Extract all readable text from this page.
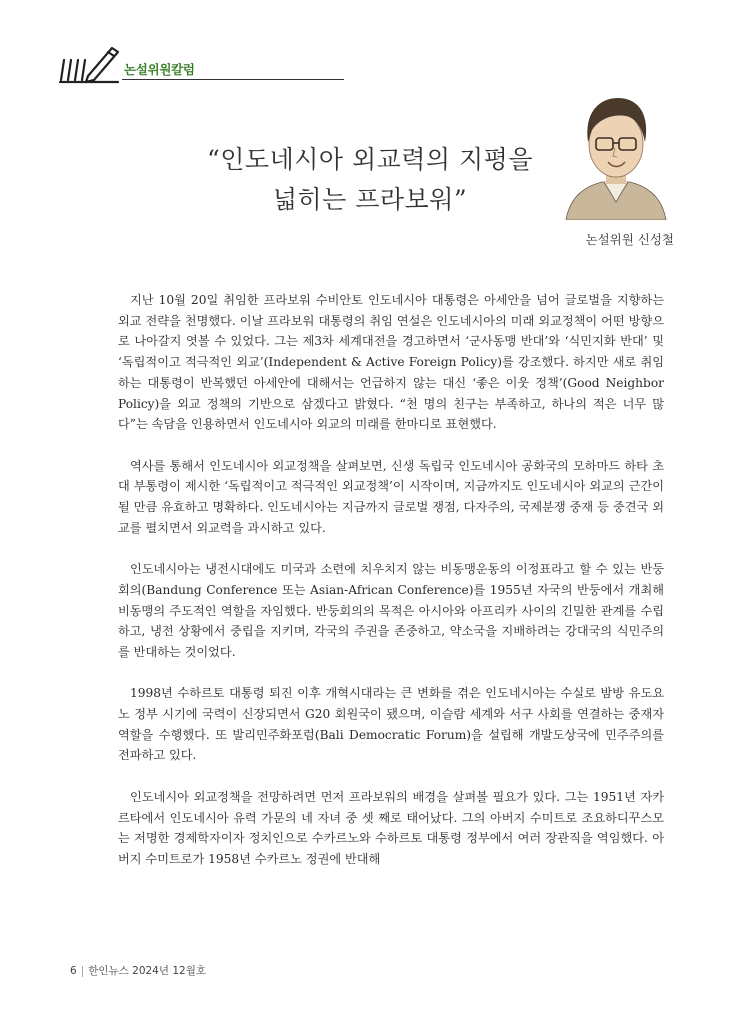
논설위원칼럼
“인도네시아 외교력의 지평을
넓히는 프라보워”
논설위원 신성철

지난 10월 20일 취임한 프라보워 수비안토 인도네시아 대통령은 아세안을 넘어 글로벌을 지향하는 외교 전략을 천명했다. 이날 프라보워 대통령의 취임 연설은 인도네시아의 미래 외교정책이 어떤 방향으로 나아갈지 엿볼 수 있었다. 그는 제3차 세계대전을 경고하면서 ‘군사동맹 반대’와 ‘식민지화 반대’ 및 ‘독립적이고 적극적인 외교’(Independent & Active Foreign Policy)를 강조했다. 하지만 새로 취임하는 대통령이 반복했던 아세안에 대해서는 언급하지 않는 대신 ‘좋은 이웃 정책’(Good Neighbor Policy)을 외교 정책의 기반으로 삼겠다고 밝혔다. “천 명의 친구는 부족하고, 하나의 적은 너무 많다”는 속담을 인용하면서 인도네시아 외교의 미래를 한마디로 표현했다.

역사를 통해서 인도네시아 외교정책을 살펴보면, 신생 독립국 인도네시아 공화국의 모하마드 하타 초대 부통령이 제시한 ‘독립적이고 적극적인 외교정책’이 시작이며, 지금까지도 인도네시아 외교의 근간이 될 만큼 유효하고 명확하다. 인도네시아는 지금까지 글로벌 쟁점, 다자주의, 국제분쟁 중재 등 중견국 외교를 펼치면서 외교력을 과시하고 있다.

인도네시아는 냉전시대에도 미국과 소련에 치우치지 않는 비동맹운동의 이정표라고 할 수 있는 반둥회의(Bandung Conference 또는 Asian-African Conference)를 1955년 자국의 반둥에서 개최해 비동맹의 주도적인 역할을 자임했다. 반둥회의의 목적은 아시아와 아프리카 사이의 긴밀한 관계를 수립하고, 냉전 상황에서 중립을 지키며, 각국의 주권을 존중하고, 약소국을 지배하려는 강대국의 식민주의를 반대하는 것이었다.

1998년 수하르토 대통령 퇴진 이후 개혁시대라는 큰 변화를 겪은 인도네시아는 수실로 밤방 유도요노 정부 시기에 국력이 신장되면서 G20 회원국이 됐으며, 이슬람 세계와 서구 사회를 연결하는 중재자 역할을 수행했다. 또 발리민주화포럼(Bali Democratic Forum)을 설립해 개발도상국에 민주주의를 전파하고 있다.

인도네시아 외교정책을 전망하려면 먼저 프라보워의 배경을 살펴볼 필요가 있다. 그는 1951년 자카르타에서 인도네시아 유력 가문의 네 자녀 중 셋 째로 태어났다. 그의 아버지 수미트로 조요하디꾸스모는 저명한 경제학자이자 정치인으로 수카르노와 수하르토 대통령 정부에서 여러 장관직을 역임했다. 아버지 수미트로가 1958년 수카르노 정권에 반대해

6 | 한인뉴스 2024년 12월호
